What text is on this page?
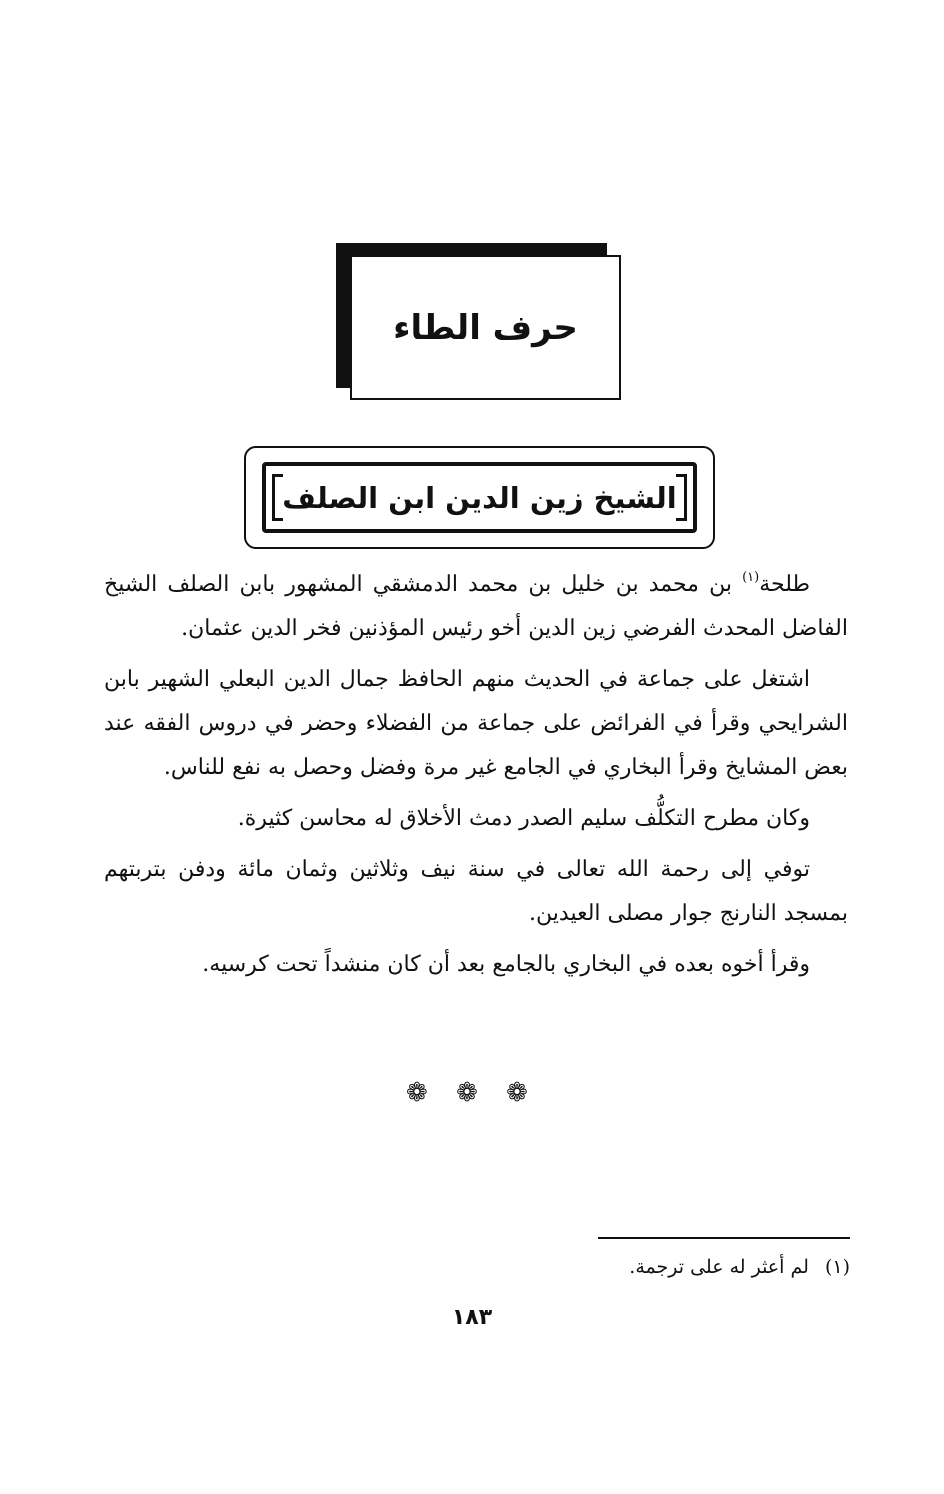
حرف الطاء
الشيخ زين الدين ابن الصلف

طلحة$^{(١)}$ بن محمد بن خليل بن محمد الدمشقي المشهور بابن الصلف الشيخ الفاضل المحدث الفرضي زين الدين أخو رئيس المؤذنين فخر الدين عثمان.

اشتغل على جماعة في الحديث منهم الحافظ جمال الدين البعلي الشهير بابن الشرايحي وقرأ في الفرائض على جماعة من الفضلاء وحضر في دروس الفقه عند بعض المشايخ وقرأ البخاري في الجامع غير مرة وفضل وحصل به نفع للناس.

وكان مطرح التكلُّف سليم الصدر دمث الأخلاق له محاسن كثيرة.

توفي إلى رحمة الله تعالى في سنة نيف وثلاثين وثمان مائة ودفن بتربتهم بمسجد النارنج جوار مصلى العيدين.

وقرأ أخوه بعده في البخاري بالجامع بعد أن كان منشداً تحت كرسيه.

❁ ❁ ❁
(١) لم أعثر له على ترجمة.
١٨٣
